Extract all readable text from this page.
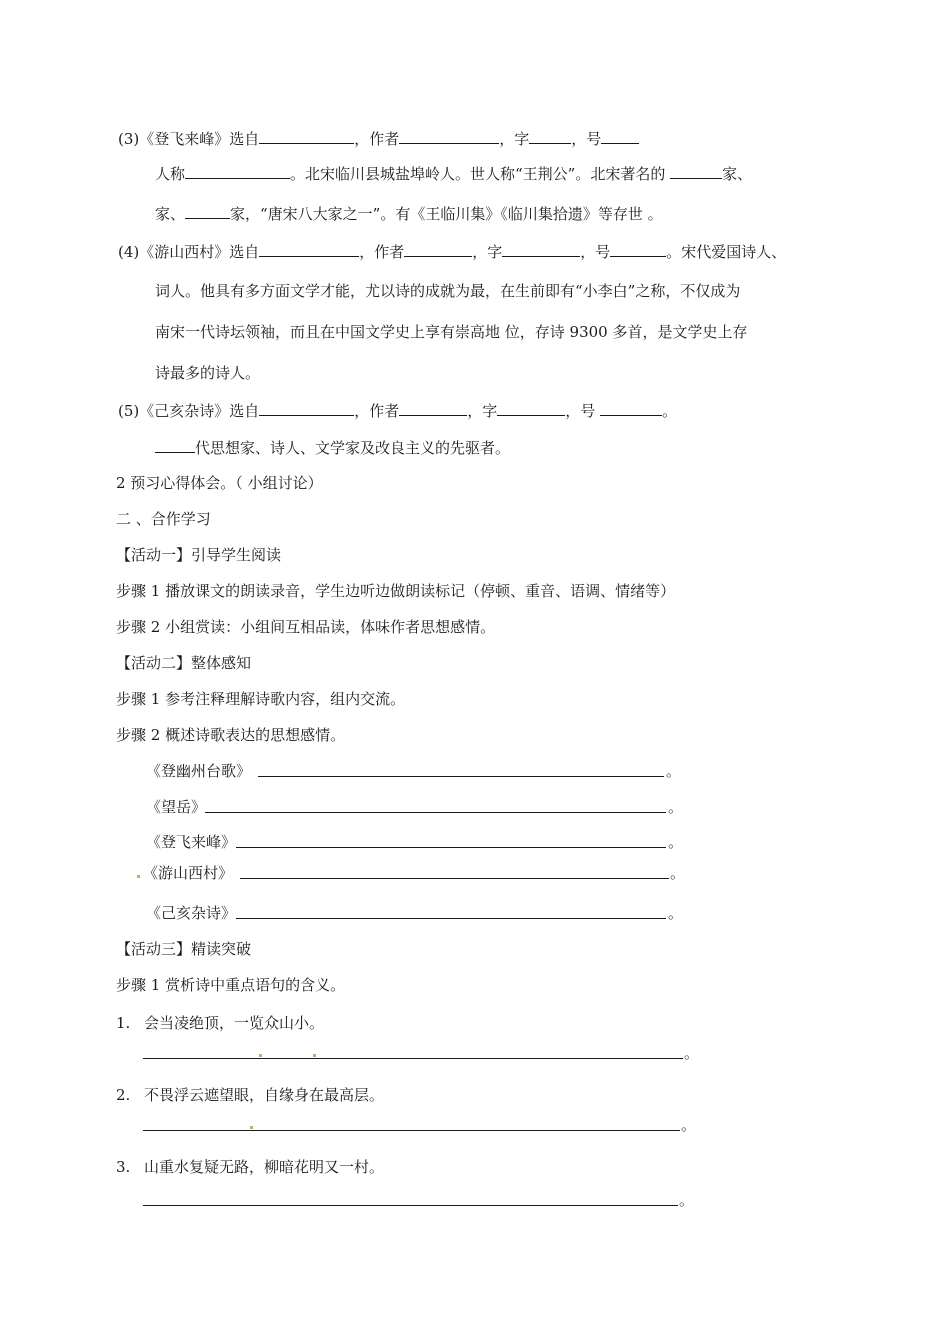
(3)《登飞来峰》选自	，作者	，字	，号
人称	。北宋临川县城盐埠岭人。世人称“王荆公”。北宋著名的	家、
家、	家，“唐宋八大家之一”。有《王临川集》《临川集拾遗》等存世 。
(4)《游山西村》选自	，作者	，字	，号	。宋代爱国诗人、
词人。他具有多方面文学才能，尤以诗的成就为最，在生前即有“小李白”之称，不仅成为
南宋一代诗坛领袖，而且在中国文学史上享有崇高地 位，存诗 9300 多首，是文学史上存
诗最多的诗人。
(5)《己亥杂诗》选自	，作者	，字	，号	。
代思想家、诗人、文学家及改良主义的先驱者。
2 预习心得体会。（ 小组讨论）
二 、合作学习
【活动一】引导学生阅读
步骤 1 播放课文的朗读录音，学生边听边做朗读标记（停顿、重音、语调、情绪等）
步骤 2 小组赏读：小组间互相品读，体味作者思想感情。
【活动二】整体感知
步骤 1 参考注释理解诗歌内容，组内交流。
步骤 2 概述诗歌表达的思想感情。
《登幽州台歌》	。
《望岳》	。
《登飞来峰》	。
《游山西村》	。
《己亥杂诗》	。
【活动三】精读突破
步骤 1 赏析诗中重点语句的含义。
1. 会当凌绝顶，一览众山小。
。
2. 不畏浮云遮望眼，自缘身在最高层。
。
3. 山重水复疑无路，柳暗花明又一村。
。
